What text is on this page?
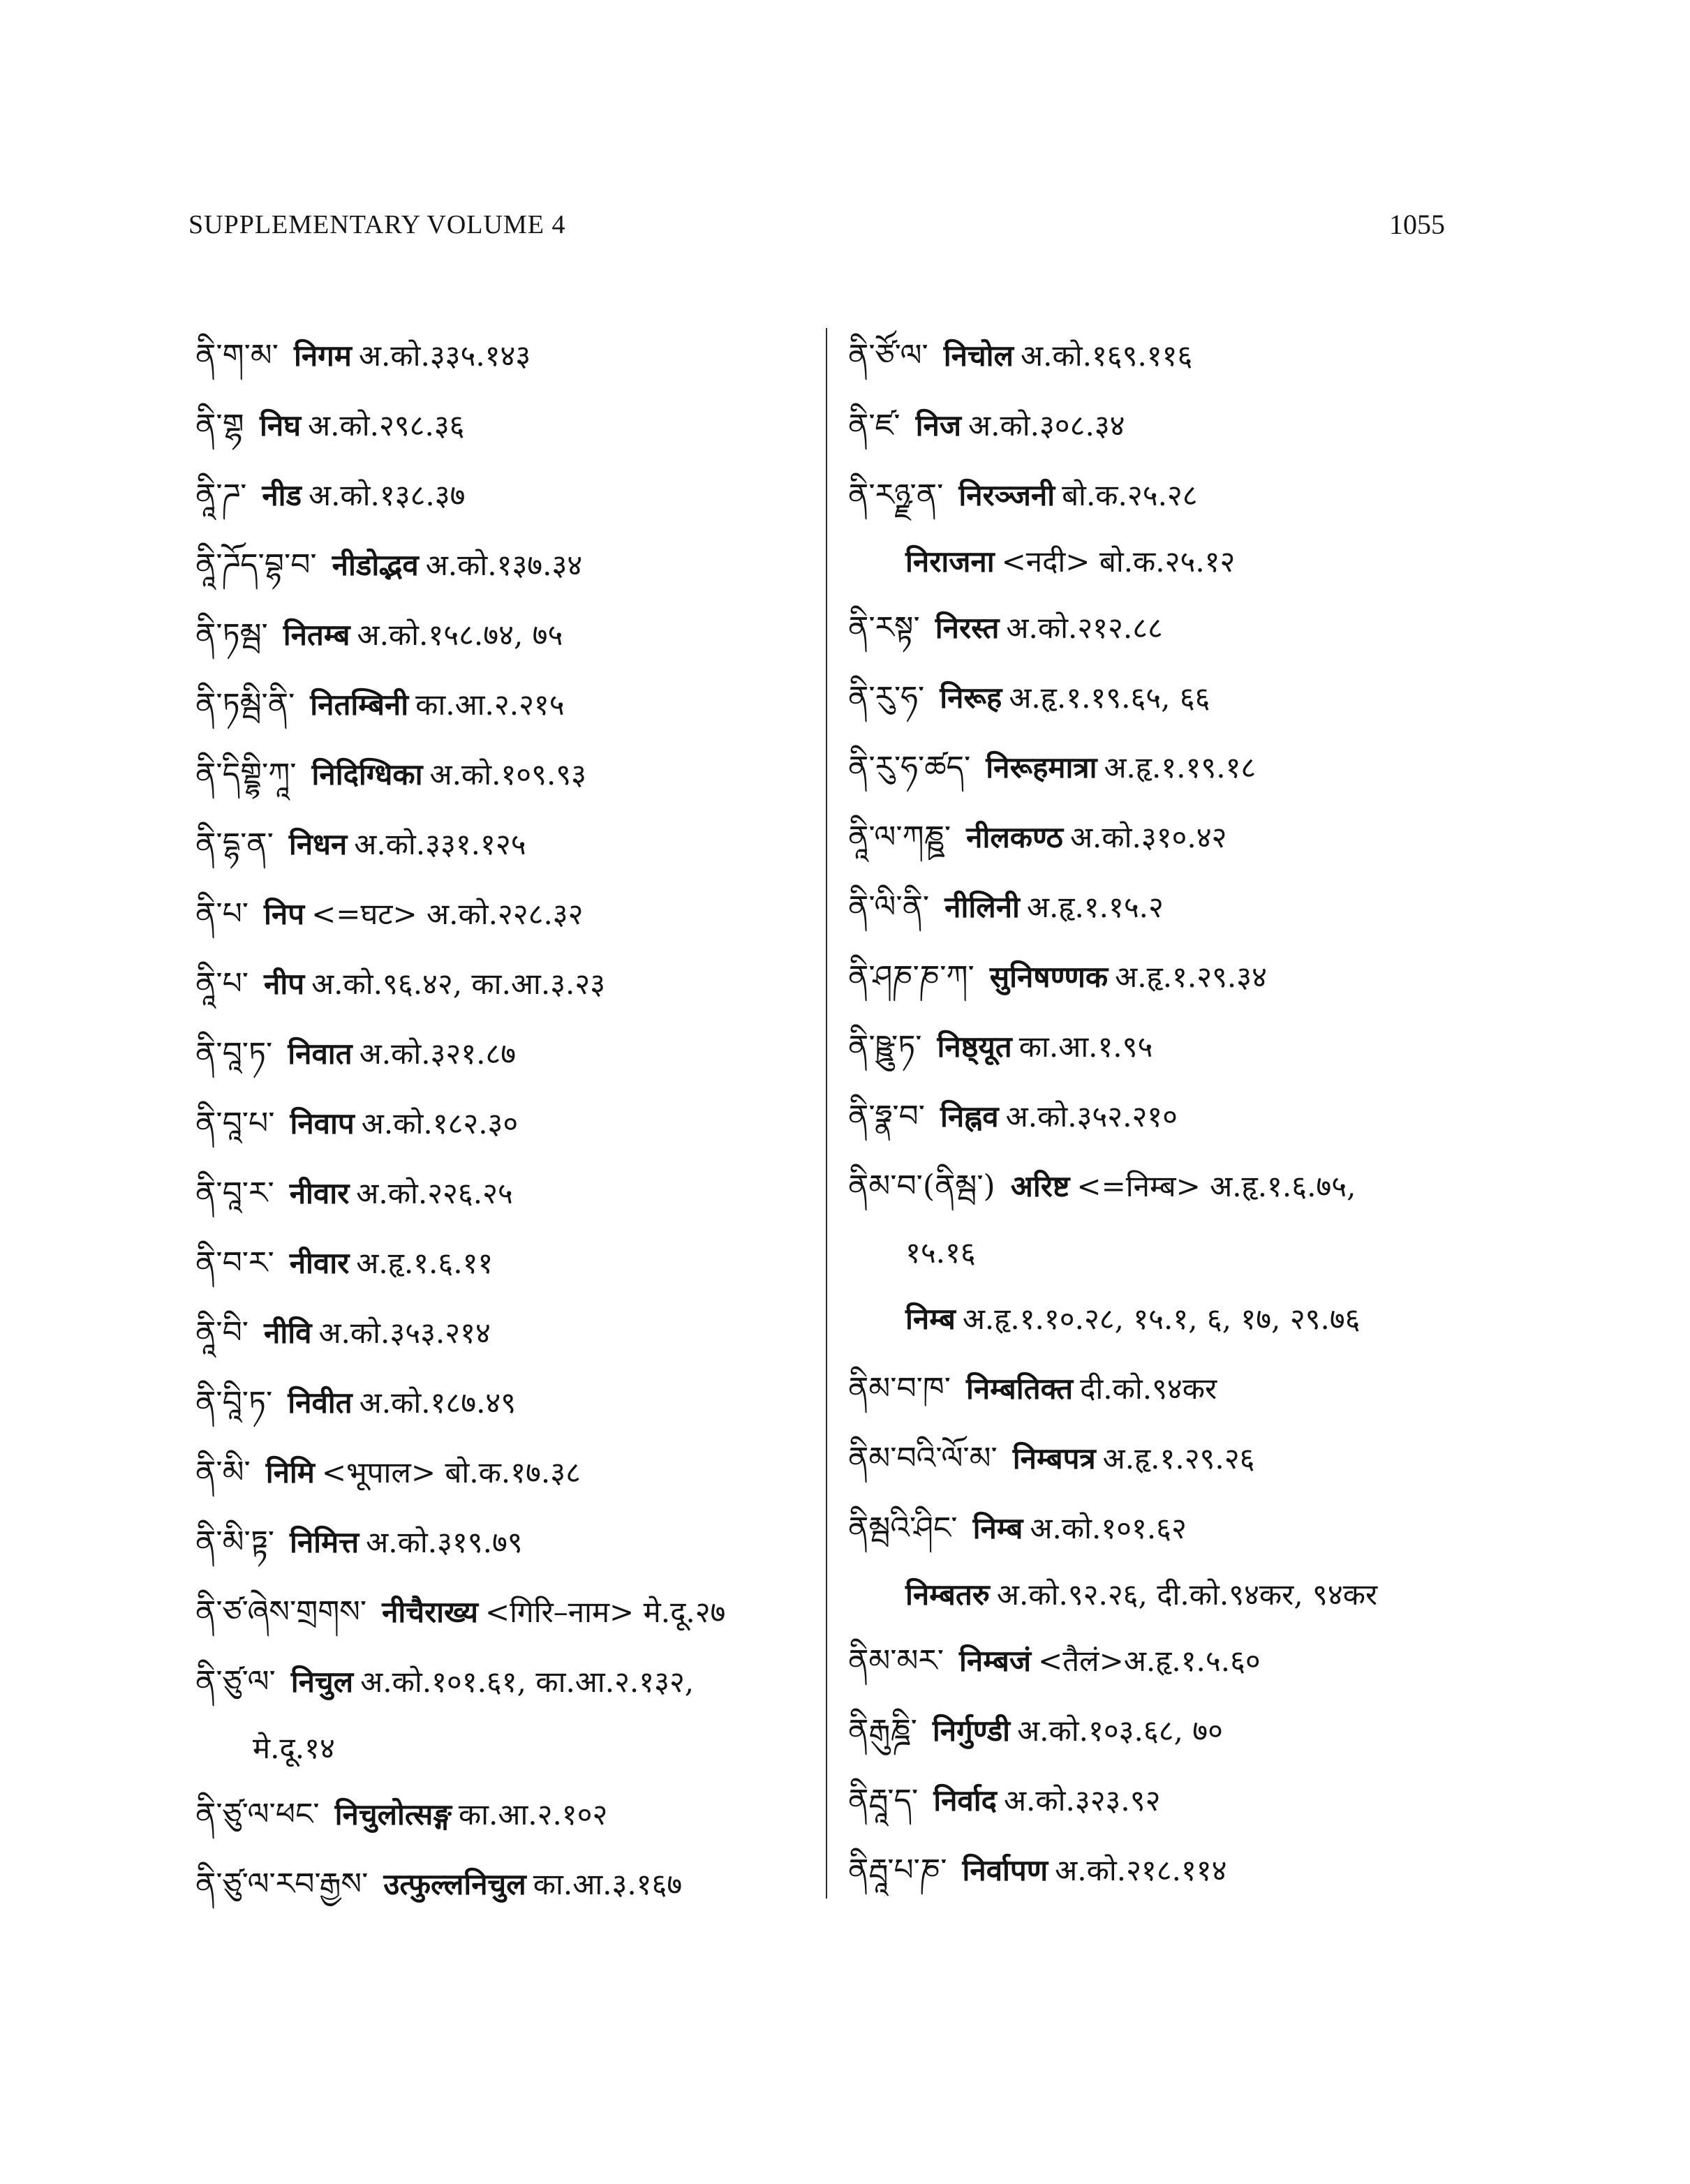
SUPPLEMENTARY VOLUME 4	1055
ནི་ག་མ་ निगम अ.को.३३५.१४३
ནི་གྷ निघ अ.को.२९८.३६
ནཱི་ཌ་ नीड अ.को.१३८.३७
ནཱི་ཌོད་བྷ་བ་ नीडोद्भव अ.को.१३७.३४
ནི་ཏམྦ་ नितम्ब अ.को.१५८.७४, ७५
ནི་ཏམྦི་ནི་ नितम्बिनी का.आ.२.२१५
ནི་དིགྡྷི་ཀཱ་ निदिग्धिका अ.को.१०९.९३
ནི་དྷ་ན་ निधन अ.को.३३१.१२५
ནི་པ་ निप <=घट> अ.को.२२८.३२
ནཱི་པ་ नीप अ.को.९६.४२, का.आ.३.२३
ནི་བཱ་ཏ་ निवात अ.को.३२१.८७
ནི་བཱ་པ་ निवाप अ.को.१८२.३०
ནི་བཱ་ར་ नीवार अ.को.२२६.२५
ནི་བ་ར་ नीवार अ.हृ.१.६.११
ནཱི་བི་ नीवि अ.को.३५३.२१४
ནི་བཱི་ཏ་ निवीत अ.को.१८७.४९
ནི་མི་ निमि <भूपाल> बो.क.१७.३८
ནི་མི་ཏྟ་ निमित्त अ.को.३१९.७९
ནི་ཙ་ཞེས་གྲགས་ नीचैराख्य <गिरि–नाम> मे.दू.२७
ནི་ཙུ་ལ་ निचुल अ.को.१०१.६१, का.आ.२.१३२,
मे.दू.१४
ནི་ཙུ་ལ་ཕང་ निचुलोत्सङ्ग का.आ.२.१०२
ནི་ཙུ་ལ་རབ་རྒྱས་ उत्फुल्लनिचुल का.आ.३.१६७
ནི་ཙོ་ལ་ निचोल अ.को.१६९.११६
ནི་ཛ་ निज अ.को.३०८.३४
ནི་རཉྫ་ན་ निरञ्जनी बो.क.२५.२८
निराजना <नदी> बो.क.२५.१२
ནི་རསྟ་ निरस्त अ.को.२१२.८८
ནི་རུ་ཧ་ निरूह अ.हृ.१.१९.६५, ६६
ནི་རུ་ཧ་ཚད་ निरूहमात्रा अ.हृ.१.१९.१८
ནཱི་ལ་ཀཎྛ་ नीलकण्ठ अ.को.३१०.४२
ནི་ལི་ནི་ नीलिनी अ.हृ.१.१५.२
ནི་ཤཎ་ཎ་ཀ་ सुनिषण्णक अ.हृ.१.२९.३४
ནི་ཥྛུ་ཏ་ निष्ठ्यूत का.आ.१.९५
ནི་ཧྣ་བ་ निह्नव अ.को.३५२.२१०
ནིམ་བ་(ནིམྦ་) अरिष्ट <=निम्ब> अ.हृ.१.६.७५,
१५.१६
निम्ब अ.हृ.१.१०.२८, १५.१, ६, १७, २९.७६
ནིམ་བ་ཁ་ निम्बतिक्त दी.को.९४कर
ནིམ་བའི་ལོ་མ་ निम्बपत्र अ.हृ.१.२९.२६
ནིམྦའི་ཤིང་ निम्ब अ.को.१०१.६२
निम्बतरु अ.को.९२.२६, दी.को.९४कर, ९४कर
ནིམ་མར་ निम्बजं <तैलं>अ.हृ.१.५.६०
ནིརྒུཎྜི་ निर्गुण्डी अ.को.१०३.६८, ७०
ནིརྦཱ་ད་ निर्वाद अ.को.३२३.९२
ནིརྦཱ་པ་ཎ་ निर्वापण अ.को.२१८.११४
